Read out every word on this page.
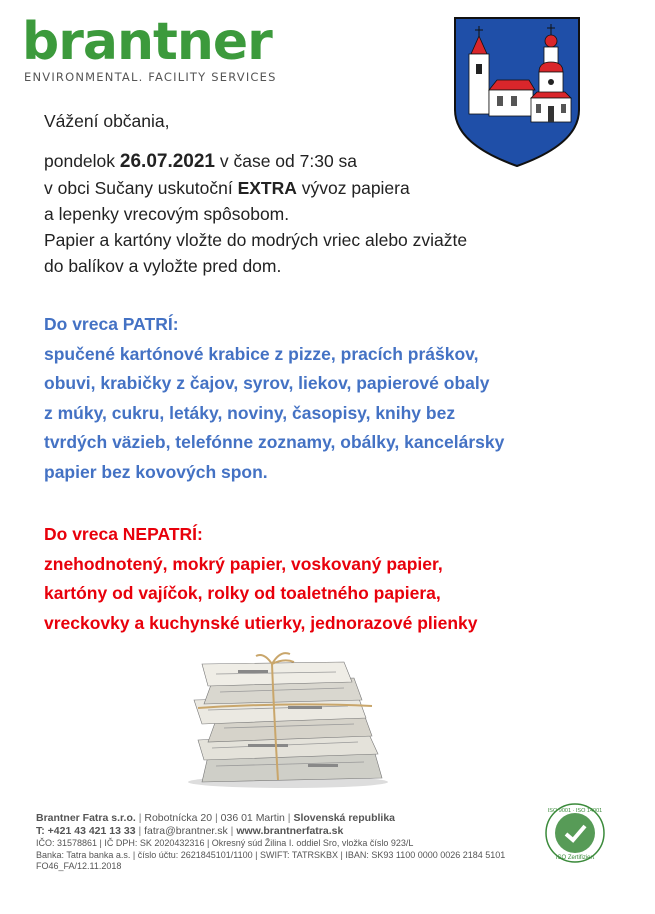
brantner
ENVIRONMENTAL. FACILITY SERVICES

Vážení občania,

pondelok 26.07.2021 v čase od 7:30 sa

v obci Sučany uskutoční EXTRA vývoz papiera

a lepenky vrecovým spôsobom.

Papier a kartóny vložte do modrých vriec alebo zviažte

do balíkov a vyložte pred dom.

Do vreca PATRÍ:

spučené kartónové krabice z pizze, pracích práškov,

obuvi, krabičky z čajov, syrov, liekov, papierové obaly

z múky, cukru, letáky, noviny, časopisy, knihy bez

tvrdých väzieb, telefónne zoznamy, obálky, kancelársky

papier bez kovových spon.

Do vreca NEPATRÍ:

znehodnotený, mokrý papier, voskovaný papier,

kartóny od vajíčok, rolky od toaletného papiera,

vreckovky a kuchynské utierky, jednorazové plienky

Brantner Fatra s.r.o. | Robotnícka 20 | 036 01 Martin | Slovenská republika
T: +421 43 421 13 33 | fatra@brantner.sk | www.brantnerfatra.sk
IČO: 31578861 | IČ DPH: SK 2020432316 | Okresný súd Žilina I. oddiel Sro, vložka číslo 923/L
Banka: Tatra banka a.s. | číslo účtu: 2621845101/1100 | SWIFT: TATRSKBX | IBAN: SK93 1100 0000 0026 2184 5101
FO46_FA/12.11.2018
ISO 9001 · ISO 14001
ISO Zertifiziert
